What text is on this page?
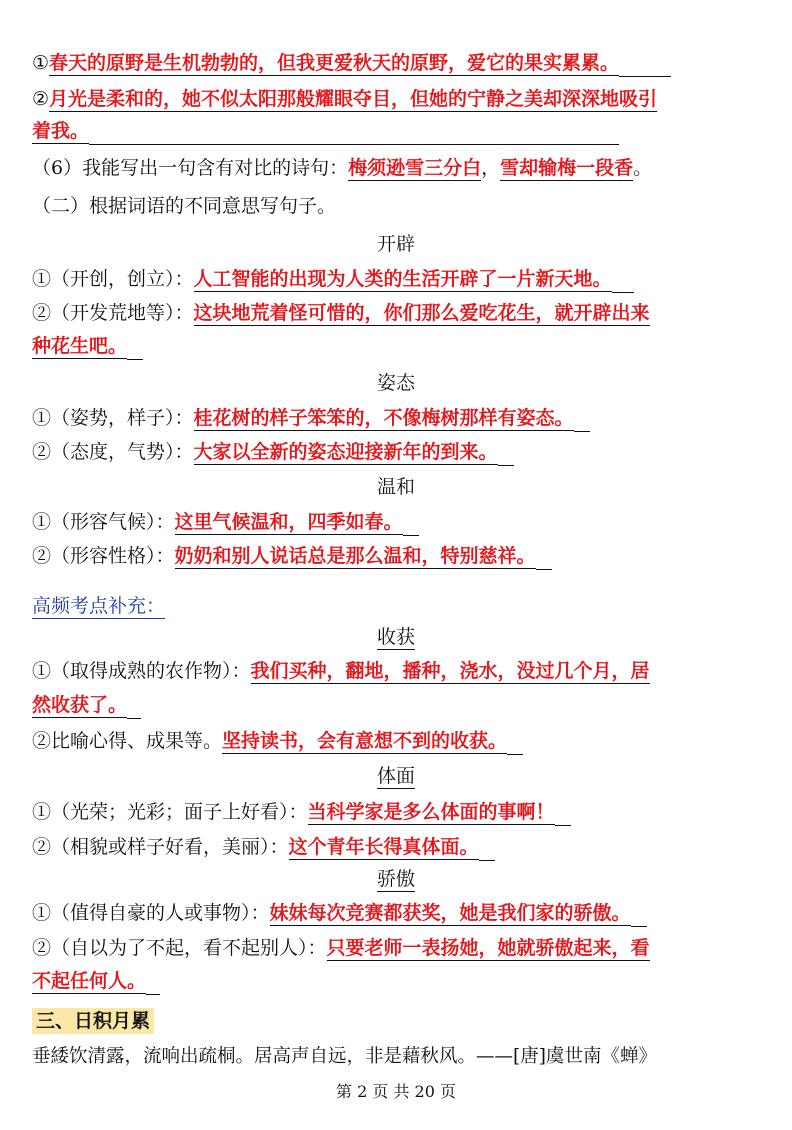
①春天的原野是生机勃勃的，但我更爱秋天的原野，爱它的果实累累。
②月光是柔和的，她不似太阳那般耀眼夺目，但她的宁静之美却深深地吸引
着我。
（6）我能写出一句含有对比的诗句：梅须逊雪三分白，雪却输梅一段香。
（二）根据词语的不同意思写句子。
开辟
①（开创，创立）：人工智能的出现为人类的生活开辟了一片新天地。
②（开发荒地等）：这块地荒着怪可惜的，你们那么爱吃花生，就开辟出来
种花生吧。
姿态
①（姿势，样子）：桂花树的样子笨笨的，不像梅树那样有姿态。
②（态度，气势）：大家以全新的姿态迎接新年的到来。
温和
①（形容气候）：这里气候温和，四季如春。
②（形容性格）：奶奶和别人说话总是那么温和，特别慈祥。
高频考点补充：
收获
①（取得成熟的农作物）：我们买种，翻地，播种，浇水，没过几个月，居
然收获了。
②比喻心得、成果等。坚持读书，会有意想不到的收获。
体面
①（光荣；光彩；面子上好看）：当科学家是多么体面的事啊！
②（相貌或样子好看，美丽）：这个青年长得真体面。
骄傲
①（值得自豪的人或事物）：妹妹每次竞赛都获奖，她是我们家的骄傲。
②（自以为了不起，看不起别人）：只要老师一表扬她，她就骄傲起来，看
不起任何人。
三、日积月累
垂緌饮清露，流响出疏桐。居高声自远，非是藉秋风。——[唐]虞世南《蝉》
第 2 页 共 20 页
